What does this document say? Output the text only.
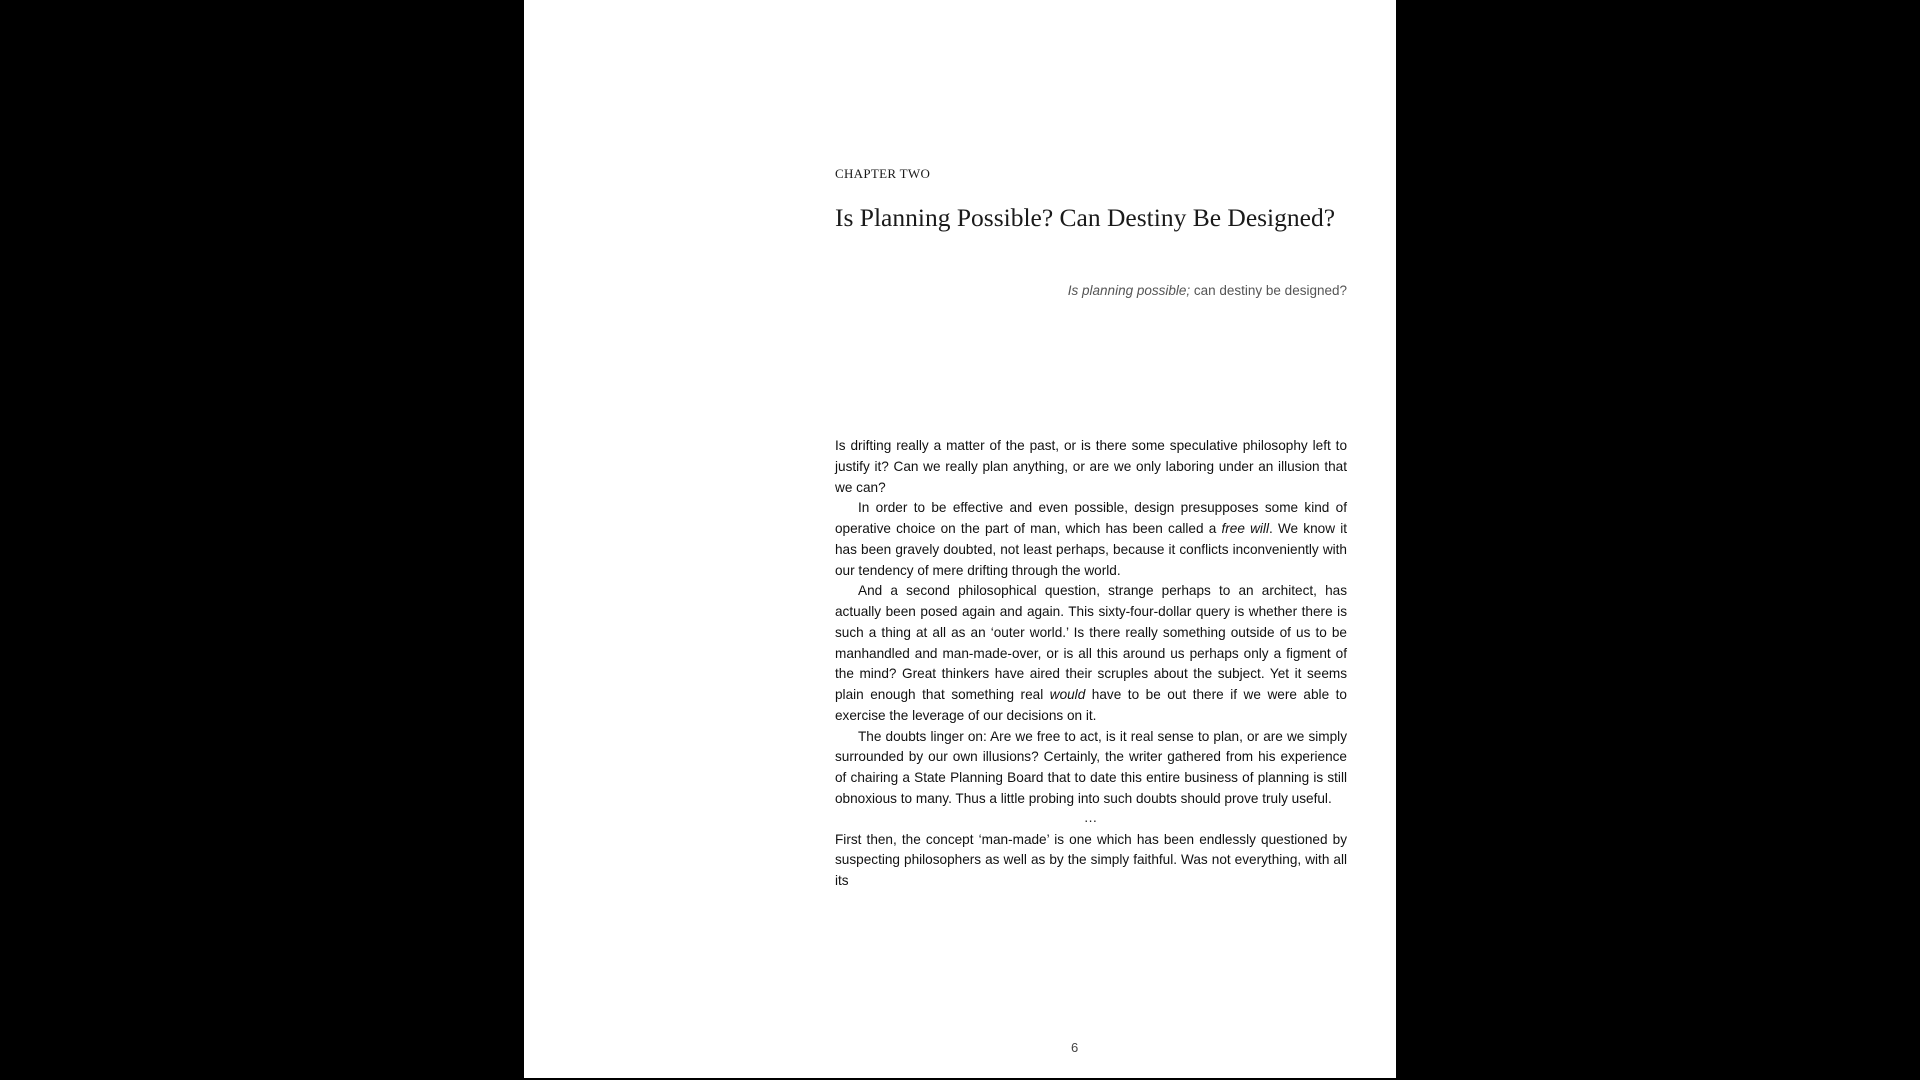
CHAPTER TWO
Is Planning Possible? Can Destiny Be Designed?
Is planning possible; can destiny be designed?

Is drifting really a matter of the past, or is there some speculative philosophy left to justify it? Can we really plan anything, or are we only laboring under an illusion that we can?

In order to be effective and even possible, design presupposes some kind of operative choice on the part of man, which has been called a free will. We know it has been gravely doubted, not least perhaps, because it conflicts inconveniently with our tendency of mere drifting through the world.

And a second philosophical question, strange perhaps to an architect, has actually been posed again and again. This sixty-four-dollar query is whether there is such a thing at all as an ‘outer world.’ Is there really something outside of us to be manhandled and man-made-over, or is all this around us perhaps only a figment of the mind? Great thinkers have aired their scruples about the subject. Yet it seems plain enough that something real would have to be out there if we were able to exercise the leverage of our decisions on it.

The doubts linger on: Are we free to act, is it real sense to plan, or are we simply surrounded by our own illusions? Certainly, the writer gathered from his experience of chairing a State Planning Board that to date this entire business of planning is still obnoxious to many. Thus a little probing into such doubts should prove truly useful.

…

First then, the concept ‘man-made’ is one which has been endlessly questioned by suspecting philosophers as well as by the simply faithful. Was not everything, with all its

6
